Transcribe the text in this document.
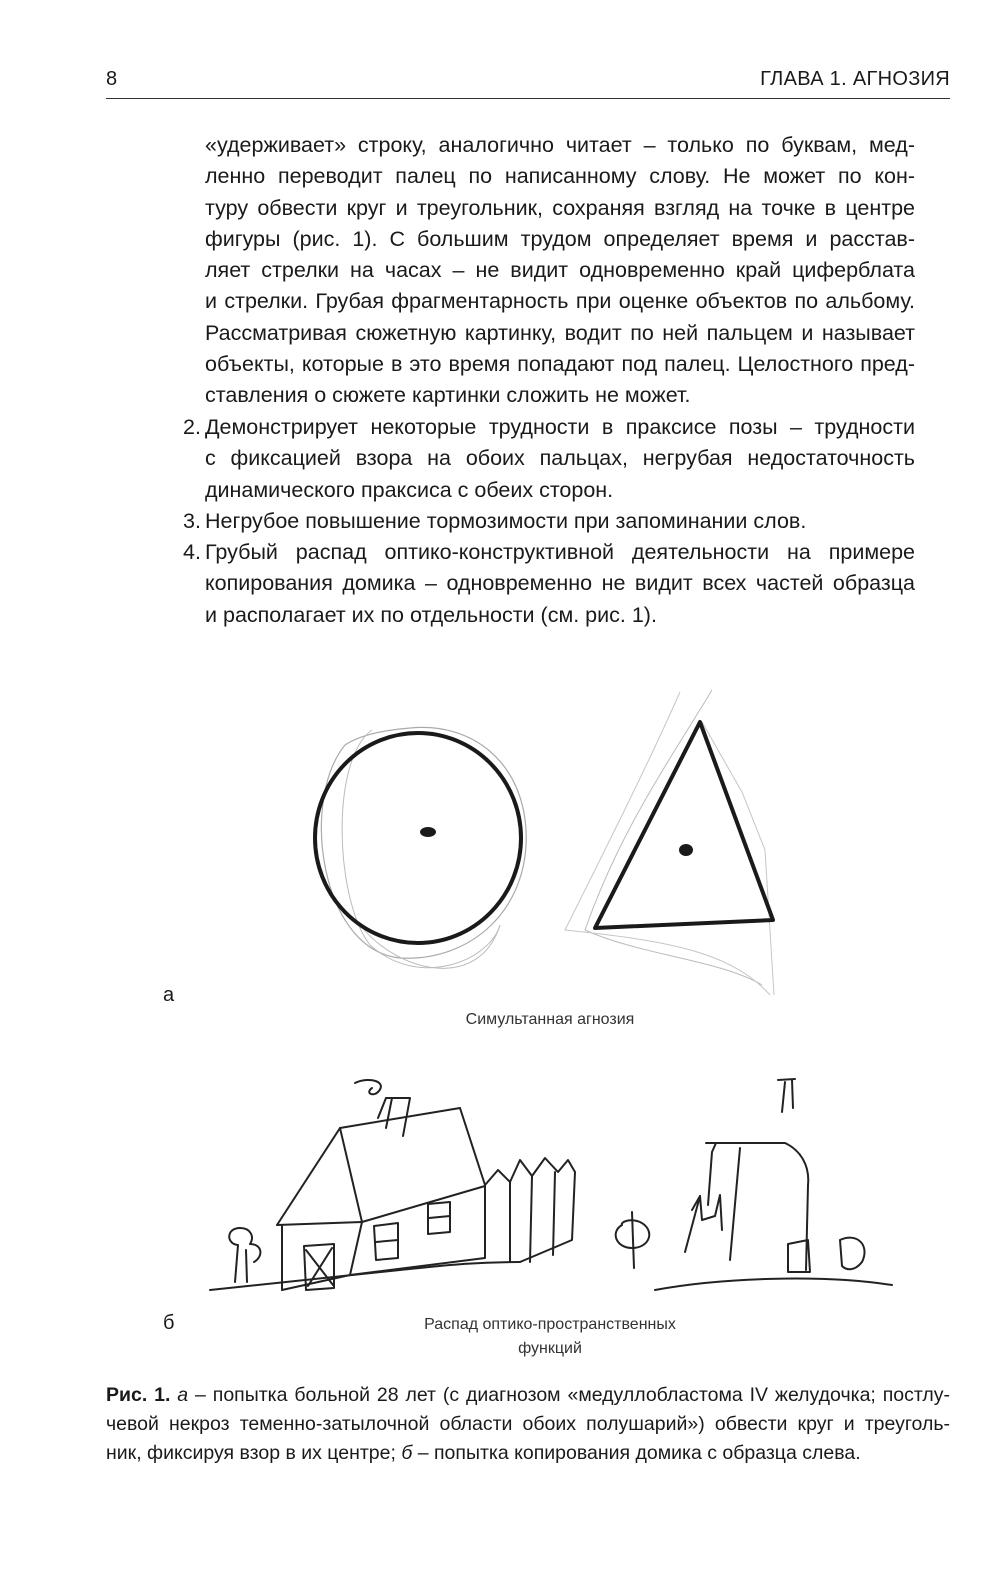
8	ГЛАВА 1. АГНОЗИЯ
«удерживает» строку, аналогично читает – только по буквам, мед-
ленно переводит палец по написанному слову. Не может по кон-
туру обвести круг и треугольник, сохраняя взгляд на точке в центре
фигуры (рис. 1). С большим трудом определяет время и расстав-
ляет стрелки на часах – не видит одновременно край циферблата
и стрелки. Грубая фрагментарность при оценке объектов по альбому.
Рассматривая сюжетную картинку, водит по ней пальцем и называет
объекты, которые в это время попадают под палец. Целостного пред-
ставления о сюжете картинки сложить не может.
2. Демонстрирует некоторые трудности в праксисе позы – трудности
с фиксацией взора на обоих пальцах, негрубая недостаточность
динамического праксиса с обеих сторон.
3. Негрубое повышение тормозимости при запоминании слов.
4. Грубый распад оптико-конструктивной деятельности на примере
копирования домика – одновременно не видит всех частей образца
и располагает их по отдельности (см. рис. 1).
а
Симультанная агнозия
б	Распад оптико-пространственных
функций
Рис. 1. а – попытка больной 28 лет (с диагнозом «медуллобластома IV желудочка; постлу-
чевой некроз теменно-затылочной области обоих полушарий») обвести круг и треуголь-
ник, фиксируя взор в их центре; б – попытка копирования домика с образца слева.
